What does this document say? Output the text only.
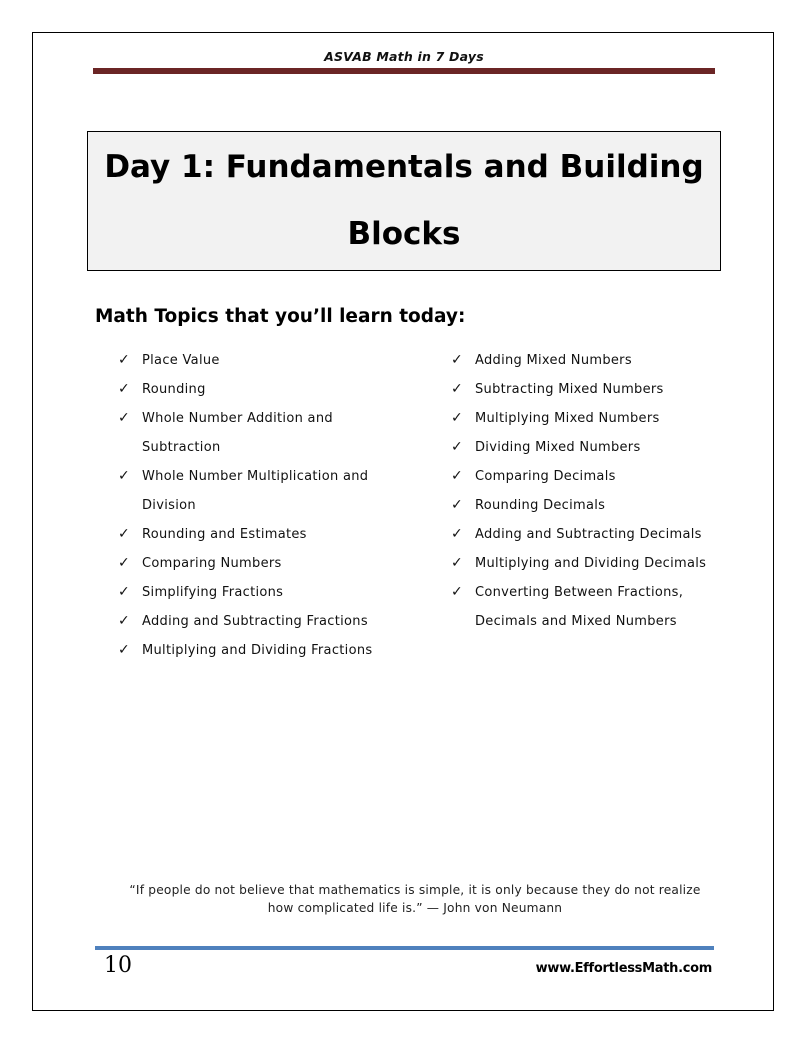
ASVAB Math in 7 Days
Day 1: Fundamentals and Building
Blocks
Math Topics that you’ll learn today:
✓ Place Value
✓ Rounding
✓ Whole Number Addition and Subtraction
✓ Whole Number Multiplication and Division
✓ Rounding and Estimates
✓ Comparing Numbers
✓ Simplifying Fractions
✓ Adding and Subtracting Fractions
✓ Multiplying and Dividing Fractions
✓ Adding Mixed Numbers
✓ Subtracting Mixed Numbers
✓ Multiplying Mixed Numbers
✓ Dividing Mixed Numbers
✓ Comparing Decimals
✓ Rounding Decimals
✓ Adding and Subtracting Decimals
✓ Multiplying and Dividing Decimals
✓ Converting Between Fractions, Decimals and Mixed Numbers
“If people do not believe that mathematics is simple, it is only because they do not realize how complicated life is.” — John von Neumann
10	www.EffortlessMath.com
